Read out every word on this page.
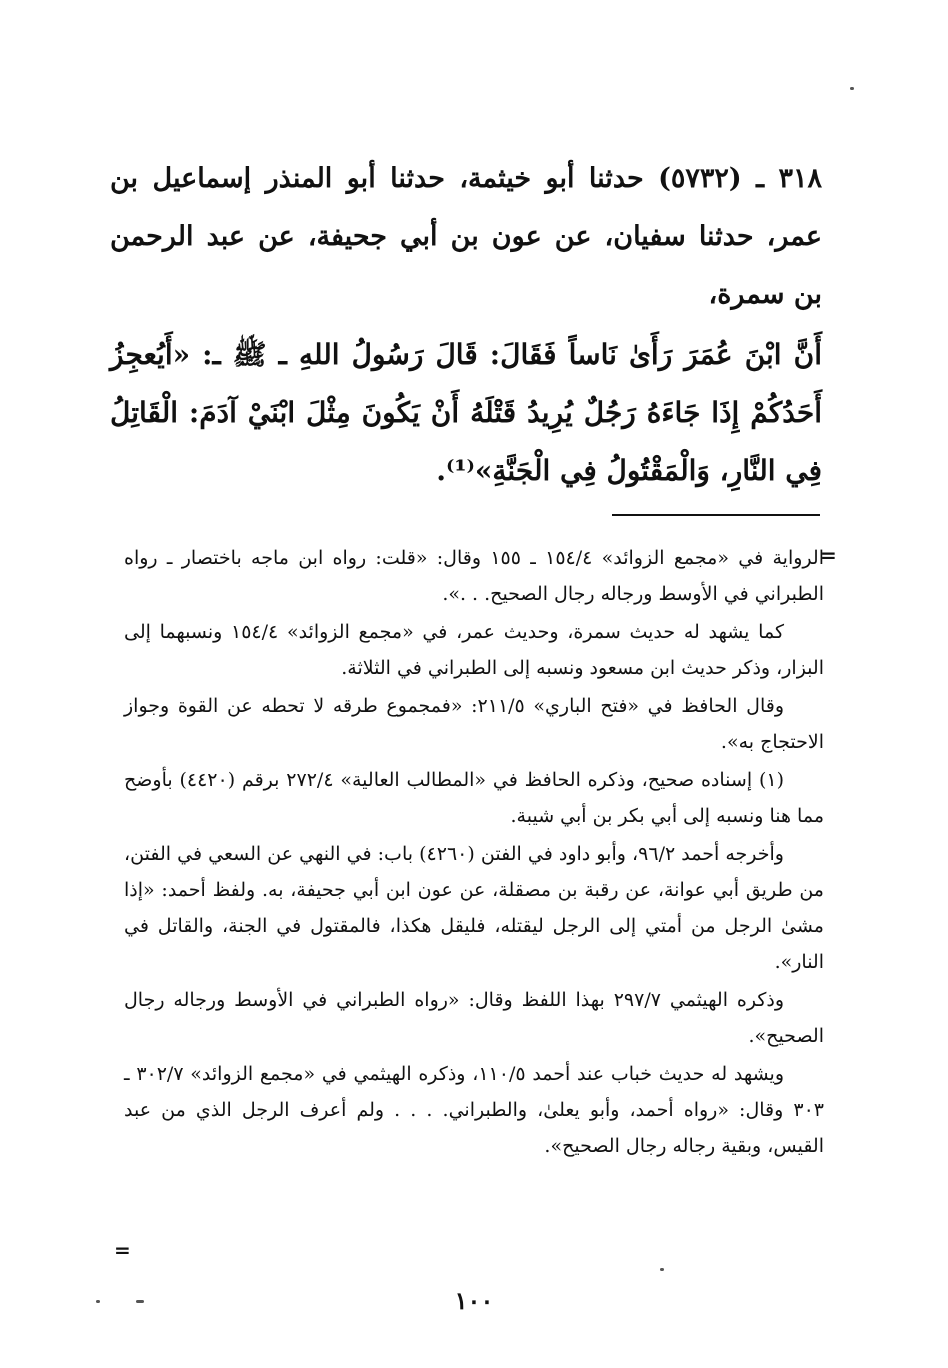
٣١٨ ـ (٥٧٣٢) حدثنا أبو خيثمة، حدثنا أبو المنذر إسماعيل بن عمر، حدثنا سفيان، عن عون بن أبي جحيفة، عن عبد الرحمن بن سمرة،

أَنَّ ابْنَ عُمَرَ رَأَىٰ نَاساً فَقَالَ: قَالَ رَسُولُ اللهِ ـ ﷺ ـ: «أَيُعجِزُ أَحَدُكُمْ إِذَا جَاءَهُ رَجُلٌ يُرِيدُ قَتْلَهُ أَنْ يَكُونَ مِثْلَ ابْنَيْ آدَمَ: الْقَاتِلُ فِي النَّارِ، وَالْمَقْتُولُ فِي الْجَنَّةِ»⁽¹⁾.

=

الرواية في «مجمع الزوائد» ١٥٤/٤ ـ ١٥٥ وقال: «قلت: رواه ابن ماجه باختصار ـ رواه الطبراني في الأوسط ورجاله رجال الصحيح. . .».

كما يشهد له حديث سمرة، وحديث عمر، في «مجمع الزوائد» ١٥٤/٤ ونسبهما إلى البزار، وذكر حديث ابن مسعود ونسبه إلى الطبراني في الثلاثة.

وقال الحافظ في «فتح الباري» ٢١١/٥: «فمجموع طرقه لا تحطه عن القوة وجواز الاحتجاج به».

(١) إسناده صحيح، وذكره الحافظ في «المطالب العالية» ٢٧٢/٤ برقم (٤٤٢٠) بأوضح مما هنا ونسبه إلى أبي بكر بن أبي شيبة.

وأخرجه أحمد ٩٦/٢، وأبو داود في الفتن (٤٢٦٠) باب: في النهي عن السعي في الفتن، من طريق أبي عوانة، عن رقبة بن مصقلة، عن عون ابن أبي جحيفة، به. ولفظ أحمد: «إذا مشىٰ الرجل من أمتي إلى الرجل ليقتله، فليقل هكذا، فالمقتول في الجنة، والقاتل في النار».

وذكره الهيثمي ٢٩٧/٧ بهذا اللفظ وقال: «رواه الطبراني في الأوسط ورجاله رجال الصحيح».

ويشهد له حديث خباب عند أحمد ١١٠/٥، وذكره الهيثمي في «مجمع الزوائد» ٣٠٢/٧ ـ ٣٠٣ وقال: «رواه أحمد، وأبو يعلىٰ، والطبراني. . . . ولم أعرف الرجل الذي من عبد القيس، وبقية رجاله رجال الصحيح».

=
١٠٠
